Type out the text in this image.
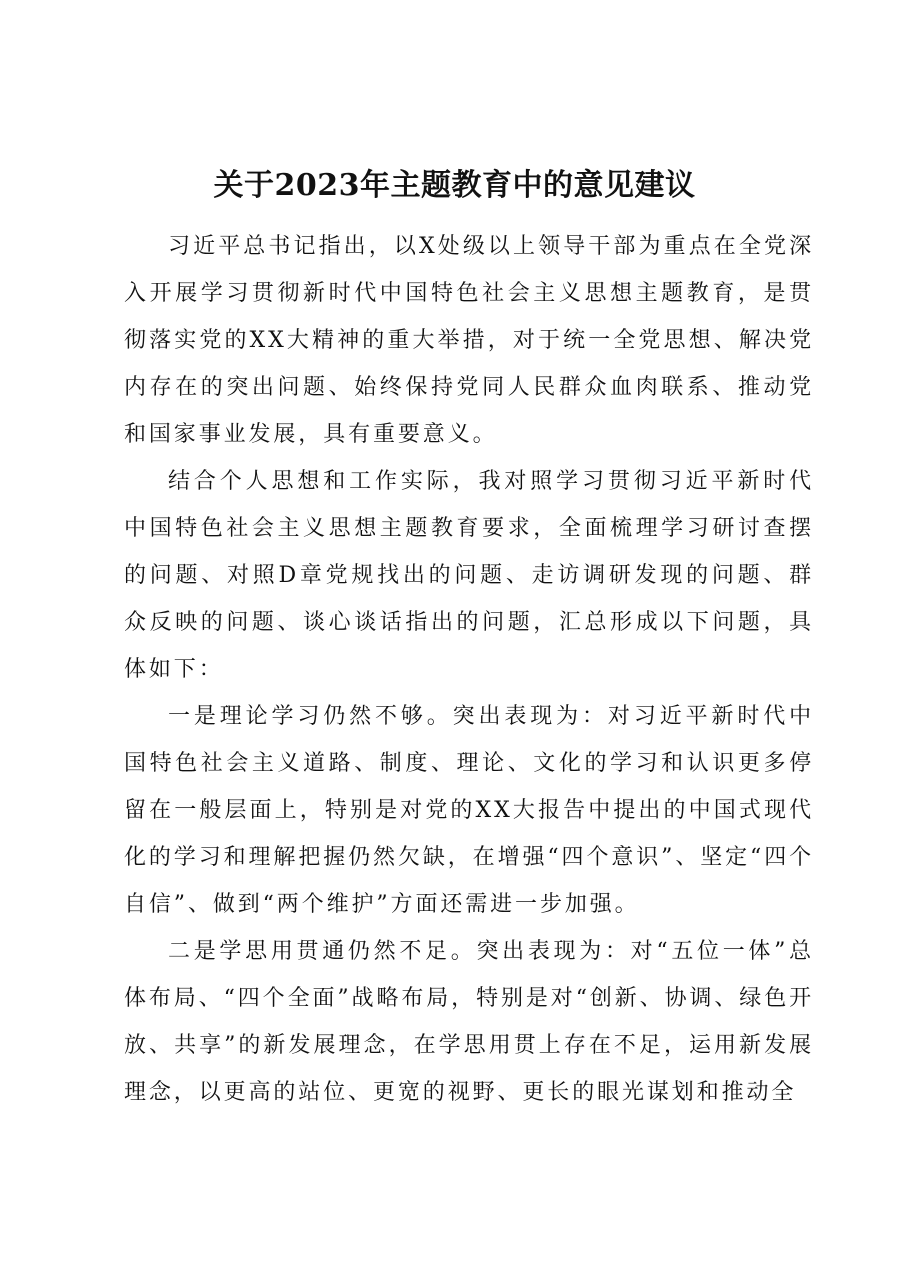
关于2023年主题教育中的意见建议

习近平总书记指出，以X处级以上领导干部为重点在全党深入开展学习贯彻新时代中国特色社会主义思想主题教育，是贯彻落实党的XX大精神的重大举措，对于统一全党思想、解决党内存在的突出问题、始终保持党同人民群众血肉联系、推动党和国家事业发展，具有重要意义。

结合个人思想和工作实际，我对照学习贯彻习近平新时代中国特色社会主义思想主题教育要求，全面梳理学习研讨查摆的问题、对照D章党规找出的问题、走访调研发现的问题、群众反映的问题、谈心谈话指出的问题，汇总形成以下问题，具体如下：

一是理论学习仍然不够。突出表现为：对习近平新时代中国特色社会主义道路、制度、理论、文化的学习和认识更多停留在一般层面上，特别是对党的XX大报告中提出的中国式现代化的学习和理解把握仍然欠缺，在增强“四个意识”、坚定“四个自信”、做到“两个维护”方面还需进一步加强。

二是学思用贯通仍然不足。突出表现为：对“五位一体”总体布局、“四个全面”战略布局，特别是对“创新、协调、绿色开放、共享”的新发展理念，在学思用贯上存在不足，运用新发展理念，以更高的站位、更宽的视野、更长的眼光谋划和推动全
